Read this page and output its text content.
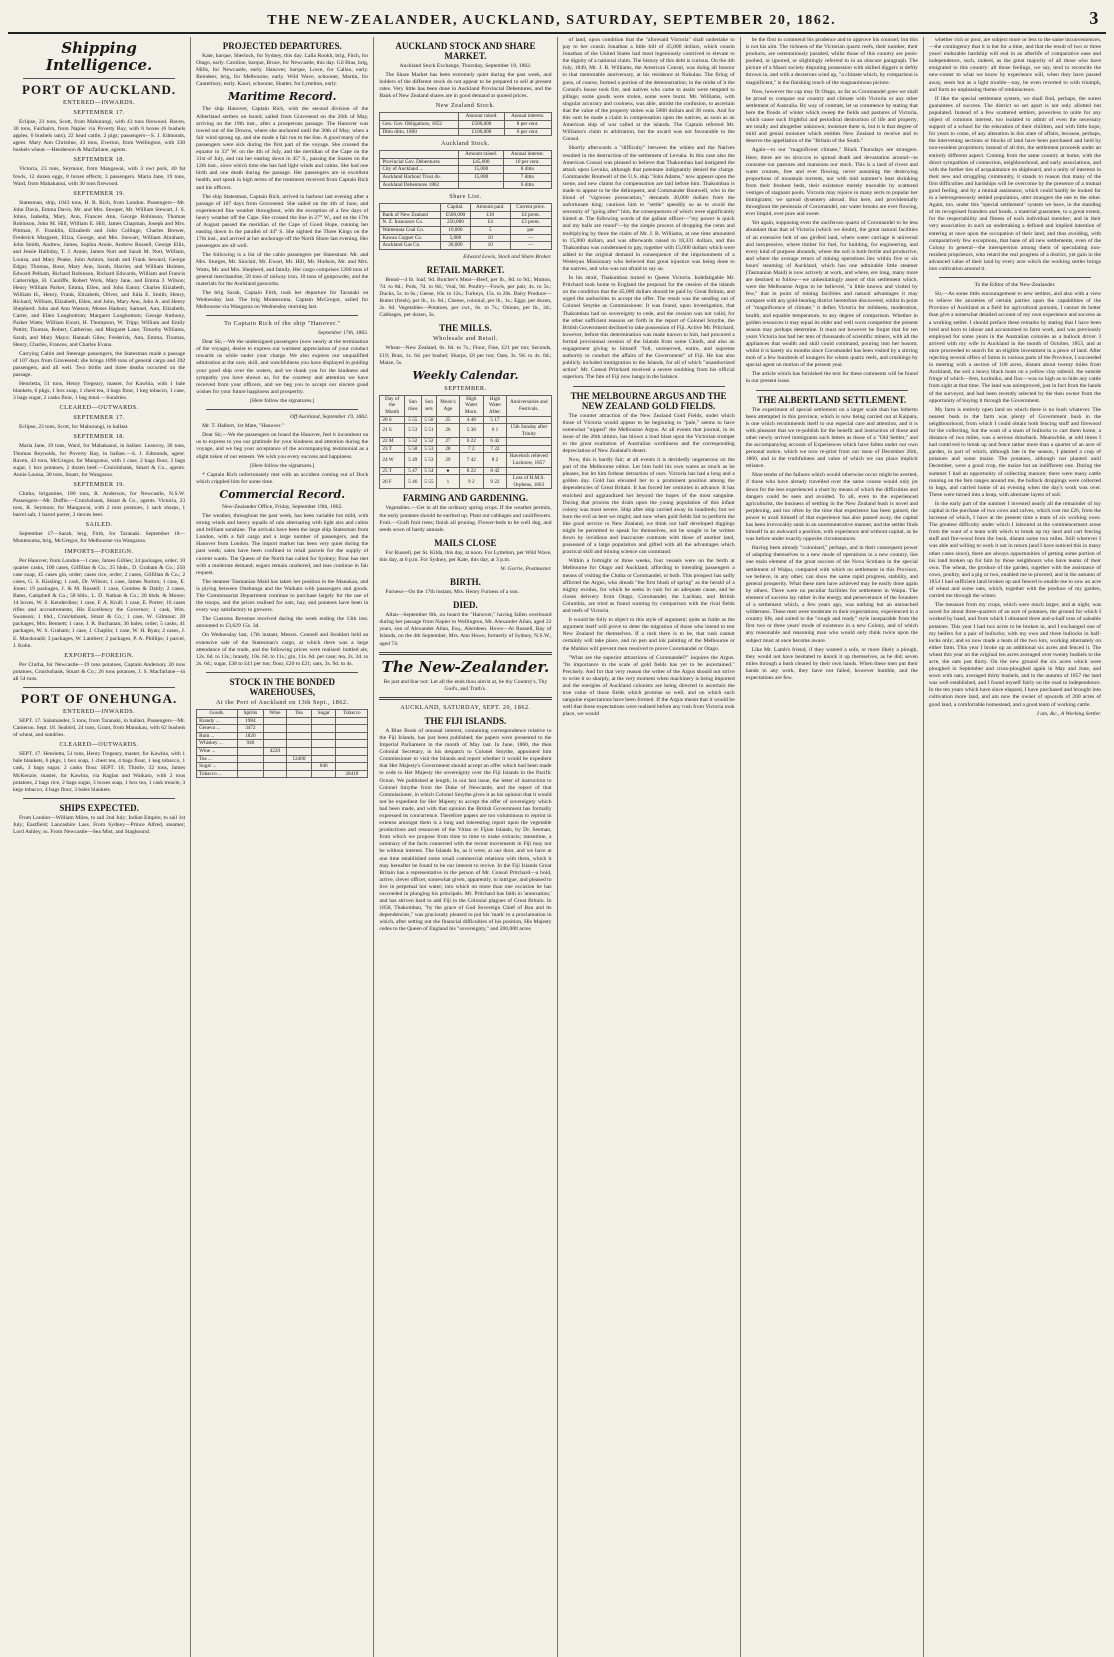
THE NEW-ZEALANDER, AUCKLAND, SATURDAY, SEPTEMBER 20, 1862.	3
Shipping Intelligence.
PORT OF AUCKLAND.
ENTERED—INWARDS.
SEPTEMBER 17.

Eclipse, 23 tons, Scott, from Mahurangi, with 43 tons firewood. Raven, 30 tons, Fairbairn, from Napier via Poverty Bay, with 6 boxes (6 bushels apples, 6 bushels oats), 22 head cattle, 2 pigs; passengers—S. J. Edmonds, agent. Mary Ann Christine, 43 tons, Everton, from Wellington, with 330 bushels wheat.—Henderson & Macfarlane, agents.

SEPTEMBER 18.

Victoria, 23 tons, Seymour, from Mangawai, with 3 owt pork, 40 fat fowls, 12 dozen eggs, 8 boxes effects; 3 passengers. Maria Jane, 19 tons, Ward, from Mahakanui, with 30 tons firewood.

SEPTEMBER 19.

Statesman, ship, 1043 tons, H. R. Rich, from London. Passengers—Mr. John Davis, Emma Davis, Mr. and Mrs. Stooper, Mr. William Stewart, J. S. Johns, Isabella, Mary, Ann, Frances Ann, George Robinson, Thomas Robinson, John M. Hill, William E. Hill, James Chapman, Joseph and Mrs. Pittman, F. Franklin, Elizabeth and John Collinge, Charles Brewer, Frederick Margaret, Eliza, George, and Mrs. Stewart, William Abraham, John Smith, Andrew, James, Sophia Annie, Andrew Russell, George Ellis, and Jessie Halliday, T. J. Annie, James Nott and Sarah M. Nott, William, Louisa, and Mary Peake, John Ashton, Sarah and Frank Seward, George Edgar, Thomas, Rose, Mary Ann, Sarah, Harriet, and William Holmes, Edward Pelham, Richard Robinson, Richard Edwards, William and Francis Catterridge, H. Cunliffe, Robert Work, Mary Jane, and Emma J. Wilson; Henry William Parker, Emma, Ellen, and John Eaton; Charles Elizabeth, William H., Henry, Frank, Elizabeth, Oliver, and Julia E. Smith; Henry, Richard, William, Elizabeth, Ellen, and John, Mary Ann, John A. and Henry Shepherd; John and Ann Watson; Moses Hadson; Samuel, Ann, Elizabeth, Carter, and Ellen Longbottom; Margaret Longbottom; George Anthony, Parker Watts; William Ewart, H. Thompson, W. Tripp; William and Emily Pettitt; Thomas, Robert, Catherine, and Margaret Lane; Timothy Williams, Sarah, and Mary Mayo; Hannah Giles; Frederick, Ann, Emma, Thomas, Henry, Charles, Frances, and Charles Evans.

Carrying Cabin and Steerage passengers, the Statesman made a passage of 107 days from Gravesend; she brings 1890 tons of general cargo and 392 passengers, and all well. Two births and three deaths occurred on the passage.

Henrietta, 51 tons, Henry Tregeary, master, for Kawhia, with 1 bale blankets, 6 pkgs, 1 box soap, 1 chest tea, 4 bags flour, 1 keg tobacco, 1 case, 3 bags sugar, 2 casks flour, 1 bag meal.—Sundries.

CLEARED—OUTWARDS.
SEPTEMBER 17.

Eclipse, 23 tons, Scott, for Mahurangi, in ballast.

SEPTEMBER 18.

Maria Jane, 19 tons, Ward, for Mahakanui, in ballast. Leanvoy, 30 tons, Thomas Reynolds, for Poverty Bay, in ballast.—S. J. Edmonds, agent. Raven, 43 tons, McGregor, for Mangonui, with 1 case, 2 bags flour, 3 bags sugar, 1 box potatoes, 2 dozen beef.—Cruickshank, Smart & Co., agents. Annie Louisa, 30 tons, Stuart, for Wangaroa.

SEPTEMBER 19.

Clutha, brigantine, 180 tons, R. Anderson, for Newcastle, N.S.W. Passengers—Mr. Duffie.—Cruickshank, Smart & Co., agents. Victoria, 23 tons, R. Seymour, for Mangawai, with 2 tons potatoes, 1 sack sharps, 1 barrel salt, 1 barrel porter, 2 tierces beer.

SAILED.

September 17—Sarah, brig, Firth, for Taranaki. September 18—Montezuma, brig, McGregor, for Melbourne via Wangaroa.

IMPORTS—FOREIGN.

Per Hanover, from London—1 case, James Gillies; 34 packages, order; 10 quarter casks, 100 cases, Gilfillan & Co.; 25 hhds., D. Graham & Co.; 250 case soap, 45 cases gin, order; cases rice, order; 2 cases, Gilfillan & Co.; 2 cases, G. S. Kissling; 1 cask, Dr. Wilson; 1 case, James Norton; 1 case, E. Jones; 19 packages, J. & M. Russell; 1 case, Combes & Daldy; 2 cases, Bates, Campbell & Co.; 58 bbls., L. D. Nathan & Co.; 20 hhds. & Moore; 14 boxes, W. S. Kenderdine; 1 case, F. A. Krull; 1 case, E. Porter; 16 cases rifles and accoutrements, His Excellency the Governor; 1 cask, Wm. Swanson; 1 hhd., Cruickshank, Smart & Co.; 1 case, W. Gilmour; 20 packages, Mrs. Bennett; 1 case, J. R. Buchanan; 36 bales, order; 5 casks, 41 packages, W. S. Graham; 1 case, J. Chaplin; 1 case, W. H. Ryan; 2 cases, J. E. Macdonald; 3 packages, W. Lambert; 2 packages, P. A. Phillips; 1 parcel, J. Kohn.

EXPORTS—FOREIGN.

Per Clutha, for Newcastle—19 tons potatoes, Captain Anderson; 20 tons potatoes, Cruickshank, Smart & Co.; 26 tons potatoes, J. S. Macfarlane—in all 54 tons.

PORT OF ONEHUNGA.
ENTERED—INWARDS.

SEPT. 17. Salamander, 5 tons, from Taranaki, in ballast. Passengers—Mr. Cameron. Sept. 18. Seabird, 24 tons, Grant, from Manukau, with 62 bushels of wheat, and sundries.

CLEARED—OUTWARDS.

SEPT. 17. Henrietta, 51 tons, Henry Tregeary, master, for Kawhia, with 1 bale blankets, 6 pkgs, 1 box soap, 1 chest tea, 4 bags flour, 1 keg tobacco, 1 cask, 3 bags sugar, 2 casks flour. SEPT. 18. Thistle, 32 tons, James McKenzie, master, for Kawhia, via Raglan and Waikato, with 2 tons potatoes, 2 bags rice, 2 bags sugar, 3 boxes soap, 1 box tea, 1 cask treacle, 3 kegs tobacco, 4 bags flour, 3 bales blankets.

SHIPS EXPECTED.

From London—William Miles, to sail 2nd July; Indian Empire, to sail 1st July; Eastfield; Lancashire Lass. From Sydney—Prince Alfred, steamer; Lord Ashley, ss. From Newcastle—Sea Mist, and Staghound.

PROJECTED DEPARTURES.

Kate, barque, Sherlock, for Sydney, this day. Lalla Rookh, brig, Fitch, for Otago, early. Caroline, barque, Bruce, for Newcastle, this day. Gil Blas, brig, Mills, for Newcastle, early. Hanover, barque, Lowe, for Callao, early. Reindeer, brig, for Melbourne, early. Wild Wave, schooner, Martin, for Canterbury, early. Kauri, schooner, Shatter, for Lyttelton, early.

Maritime Record.

The ship Hanover, Captain Rich, with the second division of the Albertland settlers on board, sailed from Gravesend on the 26th of May, arriving on the 19th inst., after a prosperous passage. The Hanover was towed out of the Downs, where she anchored until the 30th of May, when a fair wind sprang up, and she made a fair run to the line. A good many of the passengers were sick during the first part of the voyage. She crossed the equator in 33° W. on the 4th of July, and the meridian of the Cape on the 31st of July, and ran her easting down in 45° S., passing the Snares on the 12th inst., since which time she has had light winds and calms. She had one birth and one death during the passage. Her passengers are in excellent health, and speak in high terms of the treatment received from Captain Rich and his officers.

The ship Statesman, Captain Rich, arrived in harbour last evening after a passage of 107 days from Gravesend. She sailed on the 4th of June, and experienced fine weather throughout, with the exception of a few days of heavy weather off the Cape. She crossed the line in 27° W., and on the 17th of August passed the meridian of the Cape of Good Hope, running her easting down in the parallel of 44° S. She sighted the Three Kings on the 17th inst., and arrived at her anchorage off the North Shore last evening. Her passengers are all well.

The following is a list of the cabin passengers per Statesman: Mr. and Mrs. Sturges, Mr. Sinclair, Mr. Ewart, Mr. Hill, Mr. Hudson, Mr. and Mrs. Watts, Mr. and Mrs. Shepherd, and family. Her cargo comprises 1200 tons of general merchandise, 50 tons of railway iron, 10 tons of gunpowder, and the materials for the Auckland gasworks.

The brig Sarah, Captain Firth, took her departure for Taranaki on Wednesday last. The brig Montezuma, Captain McGregor, sailed for Melbourne via Wangaroa on Wednesday morning last.

To Captain Rich of the ship "Hanover."

September 17th, 1862.

Dear Sir,—We the undersigned passengers (now nearly at the termination of the voyage), desire to express our warmest appreciation of your conduct towards us while under your charge. We also express our unqualified admiration at the care, skill, and watchfulness you have displayed in guiding your good ship over the waters, and we thank you for the kindness and sympathy you have shown us, for the courtesy and attention we have received from your officers, and we beg you to accept our sincere good wishes for your future happiness and prosperity.

[Here follow the signatures.]

Off Auckland, September 19, 1862.

Mr. T. Halbert, 1st Mate, "Hanover."

Dear Sir,—We the passengers on board the Hanover, feel it incumbent on us to express to you our gratitude for your kindness and attention during the voyage, and we beg your acceptance of the accompanying testimonial as a slight token of our esteem. We wish you every success and happiness.

[Here follow the signatures.]

* Captain Rich unfortunately met with an accident coming out of Dock which crippled him for some time.

Commercial Record.

New-Zealander Office, Friday, September 19th, 1862.

The weather, throughout the past week, has been variable but mild, with strong winds and heavy squalls of rain alternating with light airs and calms and brilliant sunshine. The arrivals have been the large ship Statesman from London, with a full cargo and a large number of passengers, and the Hanover from London. The import market has been very quiet during the past week; sales have been confined to retail parcels for the supply of current wants. The Queen of the North has called for Sydney; flour has met with a moderate demand; sugars remain unaltered, and teas continue in fair request.

The steamer Tasmanian Maid has taken her position in the Manukau, and is plying between Onehunga and the Waikato with passengers and goods. The Commissariat Department continue to purchase largely for the use of the troops, and the prices realised for oats, hay, and potatoes have been in every way satisfactory to growers.

The Customs Revenue received during the week ending the 13th inst. amounted to £3,629 15s. 3d.

On Wednesday last, 17th instant, Messrs. Connell and Stoddart held an extensive sale of the Statesman's cargo, at which there was a large attendance of the trade, and the following prices were realised: bottled ale, 12s. 6d. to 13s.; brandy, 10s. 6d. to 11s.; gin, 11s. 6d. per case; tea, 2s. 2d. to 2s. 6d.; sugar, £38 to £41 per ton; flour, £20 to £21; oats, 3s. 9d. to 4s.

STOCK IN THE BONDED WAREHOUSES,
At the Port of Auckland on 13th Sept., 1862.
Goods.	Spirits	Wine	Tea	Sugar	Tobacco
Brandy ...	1984				
Geneva ...	3472				
Rum ...	1820				
Whiskey ...	946				
Wine ...		4220			
Tea ...			12460		
Sugar ...				846	
Tobacco ...					28410
AUCKLAND STOCK AND SHARE MARKET.

Auckland Stock Exchange, Thursday, September 18, 1862.

The Share Market has been extremely quiet during the past week, and holders of the different stock do not appear to be prepared to sell at present rates. Very little has been done in Auckland Provincial Debentures, and the Bank of New Zealand shares are in good demand at quoted prices.

New Zealand Stock.
	Amount raised.	Annual interest.
Gen. Gov. Obligations, 1852	£500,000	8 per cent.
Ditto ditto, 1860	£100,000	6 per cent.
Auckland Stock.
	Amount raised.	Annual interest.
Provincial Gov. Debentures	£45,000	10 per cent.
City of Auckland ...	15,000	8 ditto
Auckland Harbour Trust do.	15,000	7 ditto
Auckland Debentures 1862		6 ditto
Share List.
	Capital.	Amount paid.	Current price.
Bank of New Zealand	£500,000	£10	£4 prem.
N. Z. Insurance Co.	250,000	£4	£3 prem.
Waitemata Coal Co.	10,000	5	par
Kawau Copper Co.	5,000	10	—
Auckland Gas Co.	30,000	10	—

Edward Lewis, Stock and Share Broker.

RETAIL MARKET.

Bread—4 lb. loaf, 9d. Butcher's Meat—Beef, per lb., 8d. to 9d.; Mutton, 7d. to 8d.; Pork, 7d. to 8d.; Veal, 9d. Poultry—Fowls, per pair, 4s. to 5s.; Ducks, 5s. to 6s.; Geese, 10s. to 12s.; Turkeys, 15s. to 20s. Dairy Produce—Butter (fresh), per lb., 1s. 6d.; Cheese, colonial, per lb., 1s.; Eggs, per dozen, 2s. 6d. Vegetables—Potatoes, per cwt., 6s. to 7s.; Onions, per lb., 3d.; Cabbages, per dozen, 3s.

THE MILLS.
Wholesale and Retail.

Wheat—New Zealand, 6s. 6d. to 7s.; Flour, Fine, £21 per ton; Seconds, £19; Bran, 1s. 6d. per bushel; Sharps, £8 per ton; Oats, 3s. 9d. to 4s. 6d.; Maize, 5s.

Weekly Calendar.
SEPTEMBER.
Day of the Month	Sun rises	Sun sets	Moon's Age	High Water Morn.	High Water After.	Anniversaries and Festivals.
20 S	5 55	5 50	25	4 48	5 17	
21 S	5 53	5 51	26	5 38	6 1	15th Sunday after Trinity
22 M	5 52	5 52	27	6 22	6 42	
23 T	5 50	5 53	28	7 2	7 22	
24 W	5 49	5 53	29	7 42	8 2	Havelock relieved Lucknow, 1857
25 T	5 47	5 54	●	8 22	8 42	
26 F	5 46	5 55	1	9 2	9 22	Loss of H.M.S. Orpheus, 1863
FARMING AND GARDENING.

Vegetables.—Get in all the ordinary spring crops. If the weather permits, the early potatoes should be earthed up. Plant out cabbages and cauliflowers. Fruit.—Graft fruit trees; finish all pruning. Flower-beds to be well dug, and seeds sown of hardy annuals.

MAILS CLOSE

For Russell, per St. Kilda, this day, at noon. For Lyttelton, per Wild Wave, this day, at 6 p.m. For Sydney, per Kate, this day, at 3 p.m.

W. Gorrie, Postmaster.

BIRTH.

Furness—On the 17th instant, Mrs. Henry Furness of a son.

DIED.

Allan—September 8th, on board the "Hanover," having fallen overboard during her passage from Napier to Wellington, Mr. Alexander Allan, aged 22 years, son of Alexander Allan, Esq., Aberdeen. Howe—At Russell, Bay of Islands, on the 4th September, Mrs. Ann Howe, formerly of Sydney, N.S.W., aged 74.

The New-Zealander.

Be just and fear not: Let all the ends thou aim'st at, be thy Country's, Thy God's, and Truth's.

AUCKLAND, SATURDAY, SEPT. 20, 1862.
THE FIJI ISLANDS.

A Blue Book of unusual interest, containing correspondence relative to the Fiji Islands, has just been published; the papers were presented to the Imperial Parliament in the month of May last. In June, 1860, the then Colonial Secretary, in his despatch to Colonel Smythe, appointed him Commissioner to visit the Islands and report whether it would be expedient that Her Majesty's Government should accept an offer which had been made to cede to Her Majesty the sovereignty over the Fiji Islands in the Pacific Ocean. We published at length, in our last issue, the letter of instruction to Colonel Smythe from the Duke of Newcastle, and the report of that Commissioner, in which Colonel Smythe gives it as his opinion that it would not be expedient for Her Majesty to accept the offer of sovereignty which had been made, and with that opinion the British Government has formally expressed its concurrence. Therefore papers are too voluminous to reprint in extenso amongst them is a long and interesting report upon the vegetable productions and resources of the Vitian or Fijian Islands, by Dr. Seeman, from which we propose from time to time to make extracts; meantime, a summary of the facts connected with the recent movements in Fiji may not be without interest. The Islands lie, as it were, at our door, and we have at one time established some small commercial relations with them, which it may hereafter be found to be our interest to revive. In the Fiji Islands Great Britain has a representative in the person of Mr. Consul Pritchard—a bold, active, clever officer, somewhat given, apparently, to intrigue, and pleased to live in perpetual hot water; into which on more than one occasion he has succeeded in plunging his principals. Mr. Pritchard has faith in 'annexation,' and has striven hard to add Fiji to the Colonial plagues of Great Britain. In 1858, Thakombau, "by the grace of God Sovereign Chief of Bau and its dependencies," was graciously pleased to put his 'mark' to a proclamation in which, after setting out the financial difficulties of his position, His Majesty cedes to the Queen of England his "sovereignty," and 200,000 acres

of land, upon condition that the "aforesaid Victoria" shall undertake to pay to her cousin Jonathan a little bill of 45,000 dollars, which cousin Jonathan of the United States had most ingeniously contrived to elevate to the dignity of a national claim. The history of this debt is curious. On the 4th July, 1849, Mr. J. B. Williams, the American Consul, was doing all honour to that memorable anniversary, at his residence at Nukulau. The firing of guns, of course, formed a portion of the demonstration; in the midst of it the Consul's house took fire, and natives who came to assist were tempted to pillage; some goods were stolen, some were burnt. Mr. Williams, with singular accuracy and coolness, was able, amidst the confusion, to ascertain that the value of the property stolen was 5000 dollars and 38 cents. And for this sum he made a claim in compensation upon the natives, as soon as an American ship of war called at the islands. The Captain referred Mr. Williams's claim to arbitration, but the award was not favourable to the Consul.

Shortly afterwards a "difficulty" between the whites and the Natives resulted in the destruction of the settlement of Levuka. In this case also the American Consul was pleased to believe that Thakombau had instigated the attack upon Levuka, although that potentate indignantly denied the charge. Commander Boutwell of the U.S. ship "John Adams," now appears upon the scene, and new claims for compensation are laid before him. Thakombau is made to appear to be the delinquent, and Commander Boutwell, who in the blood of "vigorous prosecution," demands 30,000 dollars from the unfortunate king; cautious him to "settle" speedily so as to avoid the necessity of "going after" him, the consequences of which were significantly hinted at. The following words of the gallant officer—"my power is quick and my balls are round"—by the simple process of dropping the cents and multiplying by three the claim of Mr. J. B. Williams, at one time amounted to 15,000 dollars, and was afterwards raised to 18,331 dollars, and this Thakombau was condemned to pay, together with 15,000 dollars which were added to the original demand in consequence of the imprisonment of a Wesleyan Missionary who believed that great injustice was being done to the natives, and who was not afraid to say so.

In his strait, Thakombau turned to Queen Victoria. Indefatigable Mr. Pritchard took home to England the proposal for the cession of the islands on the condition that the 45,000 dollars should be paid by Great Britain, and urged the authorities to accept the offer. The result was the sending out of Colonel Smythe as Commissioner. It was found, upon investigation, that Thakombau had no sovereignty to cede, and the cession was not valid, for the other sufficient reasons set forth in the report of Colonel Smythe, the British Government declined to take possession of Fiji. Active Mr. Pritchard, however, before this determination was made known to him, had procured a formal provisional cession of the Islands from some Chiefs, and also an engagement giving to himself "full, unreserved, entire, and supreme authority to conduct the affairs of the Government" of Fiji. He has also publicly included immigration to the Islands, for all of which "unauthorized action" Mr. Consul Pritchard received a severe snubbing from his official superiors. The fate of Fiji now hangs in the balance.

THE MELBOURNE ARGUS AND THE NEW ZEALAND GOLD FIELDS.

The counter attraction of the New Zealand Gold Fields, under which those of Victoria would appear to be beginning to "pale," seems to have somewhat "nipped" the Melbourne Argus. At all events that journal, in its issue of the 26th ultimo, has blown a loud blast upon the Victorian trumpet to the great exaltation of Australian worthiness and the corresponding depreciation of New Zealand's desert.

Now, this is hardly fair; at all events it is decidedly ungenerous on the part of the Melbourne editor. Let him hold his own wares as much as he pleases, but let him forbear detraction of ours. Victoria has had a long and a golden day. Gold has elevated her to a prominent position among the dependencies of Great Britain. It has forced her centuries in advance. It has enriched and aggrandized her beyond the hopes of the most sanguine. During that process the drain upon the young population of this infant colony was most severe. Ship after ship carried away its hundreds; but we bore the evil as best we might; and now when gold fields fair to perform the like good service to New Zealand, we think our half developed diggings might be permitted to speak for themselves, not be sought to be written down by invidious and inaccurate contrasts with those of another land, possessed of a large population and gifted with all the advantages which practical skill and mining science can command.

Within a fortnight or three weeks, four vessels were on the berth at Melbourne for Otago and Auckland, affording to intending passengers a means of visiting the Clutha or Coromandel, or both. This prospect has sadly afflicted the Argus, who dreads "the first blush of spring" as the herald of a mighty exodus, for which he seeks in vain for an adequate cause, and he closes delivery from Otago, Coromandel, the Lachlan, and British Columbia, are tried as found wanting by comparison with the rival fields and reefs of Victoria.

It would be folly to object to this style of argument; quite as futile as the argument itself will prove to deter the migration of those who intend to test New Zealand for themselves. If a rush there is to be, that rush cannot certainly will take place, and no pen and ink painting of the Melbourne or the Maldon will prevent men resolved to prove Coromandel or Otago.

"What are the superior attractions of Coromandel?" inquires the Argus. "Its importance in the scale of gold fields has yet to be ascertained." Precisely. And for that very reason the writer of the Argus should not strive to write it so sharply, at the very moment when machinery is being imported and the energies of Auckland colonists are being directed to ascertain the true value of those fields which promise so well, and on which such sanguine expectations have been formed. If the Argus meant that it would be well that those expectations were realised before any rush from Victoria took place, we would

be the first to commend his prudence and to approve his counsel; but this is not his aim. The richness of the Victorian quartz reefs, their number, their products, are ostentatiously paraded, whilst those of this country are pooh-poohed, or ignored, or slightingly referred to in an obscure paragraph. The picture of a Maori society disputing possession with skilled diggers is deftly thrown in, and with a dexterous wind up, "a climate which, by comparison is magnificent," is the finishing touch of the magnanimous picture.

Now, however the cap may fit Otago, as far as Coromandel goes we shall be proud to compare our country and climate with Victoria or any other settlement of Australia. By way of contrast, let us commence by stating that here the floods of winter which sweep the fields and pastures of Victoria, which cause such frightful and periodical destruction of life and property, are totally and altogether unknown; moisture there is, but it is that degree of mild and genial moisture which entitles New Zealand to receive and to deserve the appellation of the "Britain of the South."

Again—to our "magnificent climate," Black Thursdays are strangers. Here, there are no siroccos to spread death and devastation around—to consume our pastures and mansions our stock. This is a land of rivers and water courses, free and ever flowing, never assuming the destroying proportions of mountain torrents, nor with mid summer's heat shrinking from their freshest beds, their existence merely traceable by scattered vestiges of stagnant pools. Victoria may rejoice in many sects to popular her immigrants; we spread dysentery abroad. But here, and providentially throughout the peninsula of Coromandel, our water brooks are ever flowing, ever limpid, ever pure and sweet.

Yet again, supposing even the auriferous quartz of Coromandel to be less abundant than that of Victoria (which we doubt), the great natural facilities of an extensive belt of sea girdled land, where water carriage is universal and inexpensive, where timber for fuel, for building, for engineering, and every kind of purpose abounds, where the soil is both fertile and productive, and where the average return of mining operations lies within five or six hours' steaming of Auckland, which has one admirable little steamer (Tasmanian Maid) is now actively at work, and where, ere long, many more are destined to follow—we unhesitatingly assert of this settlement which, were the Melbourne Argus to be believed, "a little known and visited by few," that in point of mining facilities and natural advantages it may compare with any gold-bearing district heretofore discovered, whilst in point of "magnificence of climate," it defies Victoria for mildness, moderation, health, and equable temperature, to any degree of comparison. Whether in golden resources it may equal its elder and well worn competitor the present season may perhaps determine. It must not however be forgot that for ten years Victoria has had her tens of thousands of scientific miners, with all the appliances that wealth and skill could command, pouring into her bosom; whilst it is barely six months since Coromandel has been visited by a stirring mob of a few hundreds of loungers for whom quartz reefs, and crushings by special agent on motion of the present year.

The article which has furnished the text for these comments will be found in our present issue.

THE ALBERTLAND SETTLEMENT.

The experiment of special settlement on a larger scale than has hitherto been attempted in this province, which is now being carried out at Kaipara, is one which recommends itself to our especial care and attention, and it is with pleasure that we re-publish for the benefit and instruction of those and other newly arrived immigrants such letters as those of a "Old Settler," and the accompanying account of Experiences which have fallen under our own personal notice, which we now re-print from our issue of December 26th, 1860, and in the truthfulness and value of which we can place implicit reliance.

Nine tenths of the failures which would otherwise occur might be averted, if those who have already travelled over the same course would only jot down for the less experienced a chart by means of which the difficulties and dangers could be seen and avoided. To all, even to the experienced agriculturist, the business of settling in the New Zealand bush is novel and perplexing, and too often by the time that experience has been gained, the power to avail himself of that experience has also passed away, the capital has been irrevocably sunk in an unremunerative manner, and the settler finds himself in an awkward a position, with experience and without capital, as he was before under exactly opposite circumstances.

Having been already "colonised," perhaps, and in their consequent power of adapting themselves to a new mode of operations in a new country, lies one main element of the great success of the Nova Scotians in the special settlement of Waipu, compared with which no settlement in this Province, we believe, in any other, can show the same rapid progress, stability, and general prosperity. What these men have achieved may be easily done again by others. There were no peculiar facilities for settlement in Waipu. The element of success lay rather in the energy and perseverance of the founders of a settlement which, a few years ago, was nothing but an untouched wilderness. These men were moderate in their expectations, experienced in a country life, and suited to the "rough and ready" style inseparable from the first two or three years' mode of existence in a new Colony, and of which any reasonable and reasoning man who would only think twice upon the subject must at once become aware.

Like Mr. Lamb's friend, if they wanted a sofa, or more likely a plough, they would not have hesitated to knock it up themselves, as he did; seven miles through a bush cleared by their own hands. When these men put their hands to any work, they have not failed, however humble, and the expectations are few.

whether rich or poor, are subject more or less to the same inconveniences,—the contingency that it is but for a time, and that the result of two or three years' endurable hardship will end in an afterlife of comparative ease and independence, such, indeed, as the great majority of all those who have emigrated to this country: all those feelings, we say, tend to reconcile the new-comer to what we know by experience will, when they have passed away, seem but as a light trouble—nay, be even reverted to with triumph, and form no unpleasing theme of reminiscence.

If like the special settlement system, we shall find, perhaps, the surest guarantees of success. The district so set apart is not only allotted but populated. Instead of a few scattered settlers, powerless to unite for any object of common interest, too isolated to admit of even the necessary support of a school for the education of their children, and with little hope, for years to come, of any alteration in this state of affairs, because, perhaps, the intervening sections or blocks of land have been purchased and held by non-resident proprietors; instead of all this, the settlement proceeds under an entirely different aspect. Coming from the same country at home, with the direct sympathies of connection, neighbourhood, and early associations, and with the further ties of acquaintance on shipboard, and a unity of interests in their new and struggling community, it stands to reason that many of the first difficulties and hardships will be overcome by the presence of a mutual good feeling, and by a mutual assistance, which could hardly be looked for in a heterogeneously settled population, utter strangers the one to the other. Again, too, under this "special settlement" system we have, in the standing of its recognised founders and heads, a material guarantee, to a great extent, for the respectability and fitness of each individual member; and in their very association in such an undertaking a defined and implied intention of entering at once upon the occupation of their land, and thus avoiding, with comparatively few exceptions, that bane of all new settlements, even of the Colony in general—the interspersion among them of speculating non-resident proprietors, who retard the real progress of a district, yet gain in the advanced value of their land by every acre which the working settler brings into cultivation around it.

To the Editor of the New-Zealander.

Sir,—As some little encouragement to new settlers, and also with a view to relieve the anxieties of certain parties upon the capabilities of the Province of Auckland as a field for agricultural pursuits, I cannot do better than give a somewhat detailed account of my own experience and success as a working settler. I should preface these remarks by stating that I have been bred and born to labour and accustomed to farm work, and was previously employed for some years in the Australian colonies as a bullock driver. I arrived with my wife in Auckland in the month of October, 1853, and at once proceeded to search for an eligible investment in a piece of land. After rejecting several offers of farms in various parts of the Province, I succeeded in meeting with a section of 100 acres, distant about twenty miles from Auckland, the soil a heavy black loam on a yellow clay subsoil, the outside fringe of which—fern, korimiko, and flax—was so high as to hide any cattle from sight at that time. The land was unimproved, just in fact from the hands of the surveyor, and had been recently selected by the then owner from the opportunity of buying it through the Government.

My farm is entirely open land on which there is no bush whatever. The nearest bush to the farm was plenty of Government bush in the neighbourhood, from which I could obtain both fencing stuff and firewood for the collecting, but the want of a team of bullocks to cart them home, a distance of two miles, was a serious drawback. Meanwhile, at odd times I had contrived to break up and fence rather more than a quarter of an acre of garden, in part of which, although late in the season, I planted a crop of potatoes and some maize. The potatoes, although not planted until December, were a good crop, the maize but an indifferent one. During the summer I had an opportunity of collecting manure; there were many cattle running on the fern ranges around me, the bullock droppings were collected in bags, and carried home of an evening when the day's work was over. These were turned into a heap, with alternate layers of soil.

In the early part of the summer I invested nearly all the remainder of my capital in the purchase of two cows and calves, which cost me £26, from the increase of which, I have at the present time a team of six working oxen. The greatest difficulty under which I laboured at the commencement arose from the want of a team with which to break up my land and cart fencing stuff and fire-wood from the bush, distant some two miles. Still wherever I was able and willing to work it out in return (and I have noticed this in many other cases since), there are always opportunities of getting some portion of his land broken up for him by those neighbours who have teams of their own. The wheat, the produce of the garden, together with the assistance of cows, poultry, and a pig or two, enabled me to proceed, and in the autumn of 1854 I had sufficient land broken up and fenced to enable me to sow an acre of wheat and some oats, which, together with the produce of my garden, carried me through the winter.

The measure from my crops, which were much larger, and at night, was saved for about three-quarters of an acre of potatoes, the ground for which I worked by hand, and from which I obtained three and-a-half tons of saleable potatoes. This year I had two acres to be broken in, and I exchanged one of my heifers for a pair of bullocks; with my own and three bullocks in half-locks only; and so now made a team of the two lots, working alternately on either farm. This year I broke up an additional six acres and fenced it. The wheat this year on the original ten acres averaged over twenty bushels to the acre, the oats just thirty. On the new ground the six acres which were ploughed in September and cross-ploughed again in May and June, and sown with oats, averaged thirty bushels, and in the autumn of 1857 the land was well established, and I found myself fairly on the road to independence. In the ten years which have since elapsed, I have purchased and brought into cultivation more land, and am now the owner of upwards of 200 acres of good land, a comfortable homestead, and a good team of working cattle.

I am, &c., A Working Settler.
